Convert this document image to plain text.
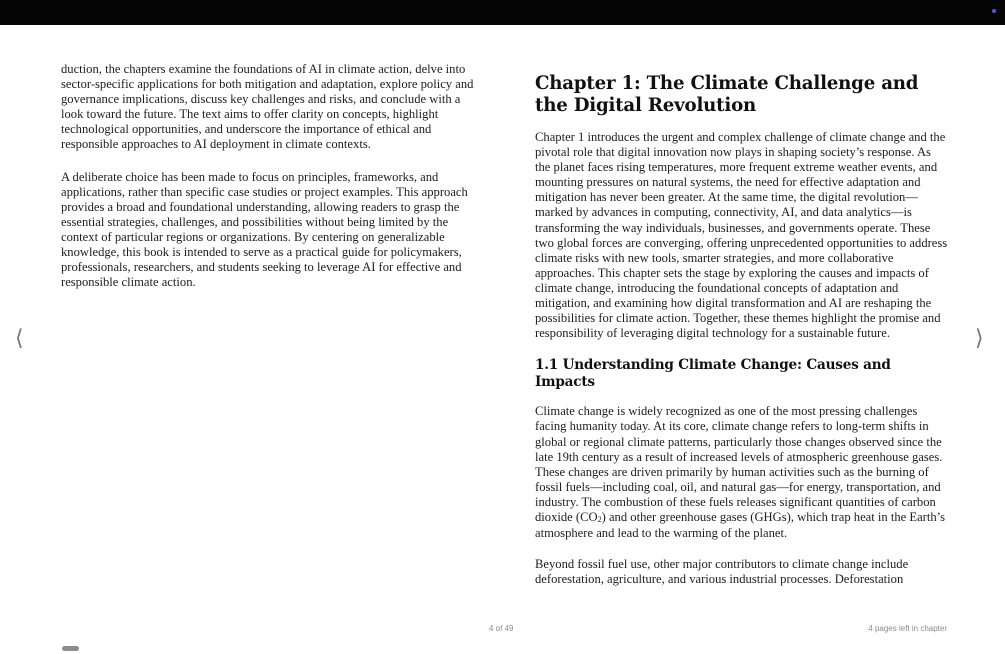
duction, the chapters examine the foundations of AI in climate action, delve into sector-specific applications for both mitigation and adaptation, explore policy and governance implications, discuss key challenges and risks, and conclude with a look toward the future. The text aims to offer clarity on concepts, highlight technological opportunities, and underscore the importance of ethical and responsible approaches to AI deployment in climate contexts.

A deliberate choice has been made to focus on principles, frameworks, and applications, rather than specific case studies or project examples. This approach provides a broad and foundational understanding, allowing readers to grasp the essential strategies, challenges, and possibilities without being limited by the context of particular regions or organizations. By centering on generalizable knowledge, this book is intended to serve as a practical guide for policymakers, professionals, researchers, and students seeking to leverage AI for effective and responsible climate action.

Chapter 1: The Climate Challenge and the Digital Revolution

Chapter 1 introduces the urgent and complex challenge of climate change and the pivotal role that digital innovation now plays in shaping society’s response. As the planet faces rising temperatures, more frequent extreme weather events, and mounting pressures on natural systems, the need for effective adaptation and mitigation has never been greater. At the same time, the digital revolution—marked by advances in computing, connectivity, AI, and data analytics—is transforming the way individuals, businesses, and governments operate. These two global forces are converging, offering unprecedented opportunities to address climate risks with new tools, smarter strategies, and more collaborative approaches. This chapter sets the stage by exploring the causes and impacts of climate change, introducing the foundational concepts of adaptation and mitigation, and examining how digital transformation and AI are reshaping the possibilities for climate action. Together, these themes highlight the promise and responsibility of leveraging digital technology for a sustainable future.

1.1 Understanding Climate Change: Causes and Impacts

Climate change is widely recognized as one of the most pressing challenges facing humanity today. At its core, climate change refers to long-term shifts in global or regional climate patterns, particularly those changes observed since the late 19th century as a result of increased levels of atmospheric greenhouse gases. These changes are driven primarily by human activities such as the burning of fossil fuels—including coal, oil, and natural gas—for energy, transportation, and industry. The combustion of these fuels releases significant quantities of carbon dioxide (CO2) and other greenhouse gases (GHGs), which trap heat in the Earth’s atmosphere and lead to the warming of the planet.

Beyond fossil fuel use, other major contributors to climate change include deforestation, agriculture, and various industrial processes. Deforestation

⟨	⟩
4 of 49	4 pages left in chapter
